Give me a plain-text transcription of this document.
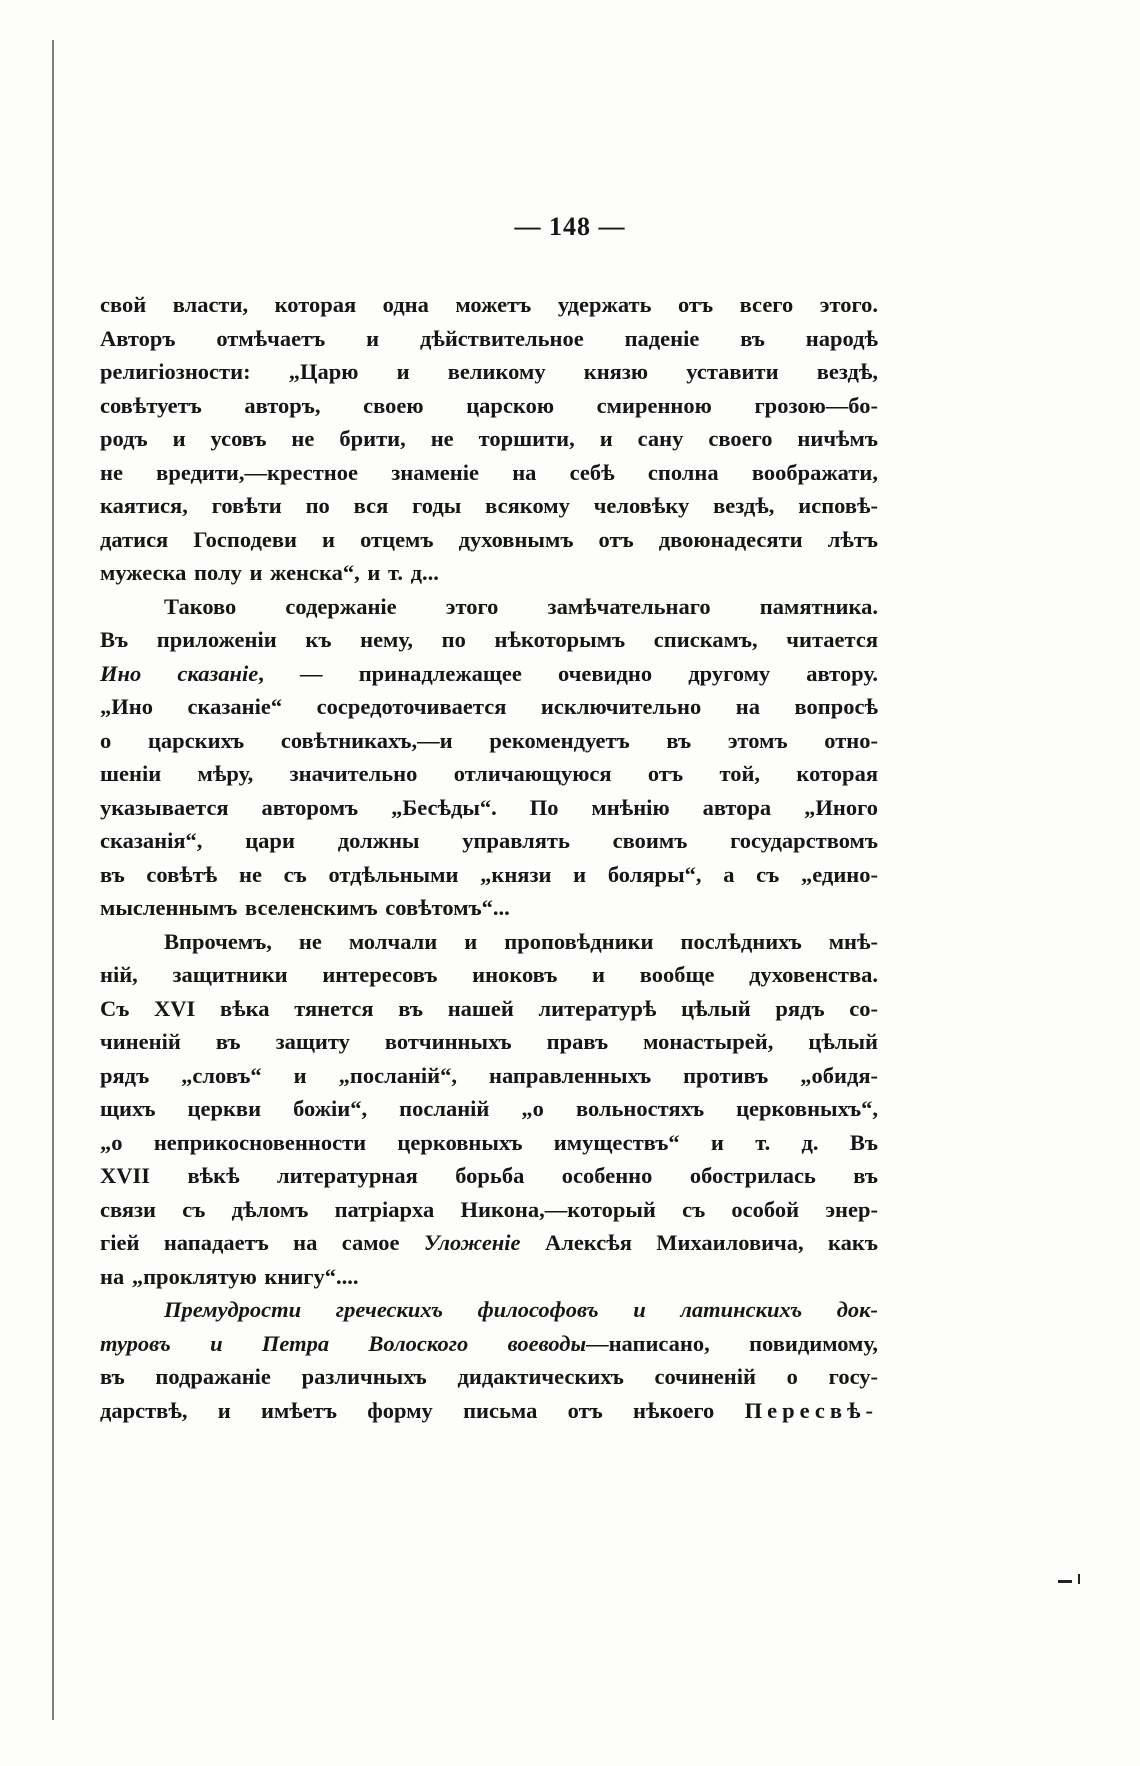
— 148 —
свой власти, которая одна можетъ удержать отъ всего этого.
Авторъ отмѣчаетъ и дѣйствительное паденіе въ народѣ
религіозности: „Царю и великому князю уставити вездѣ,
совѣтуетъ авторъ, своею царскою смиренною грозою—бо-
родъ и усовъ не брити, не торшити, и сану своего ничѣмъ
не вредити,—крестное знаменіе на себѣ сполна воображати,
каятися, говѣти по вся годы всякому человѣку вездѣ, исповѣ-
датися Господеви и отцемъ духовнымъ отъ двоюнадесяти лѣтъ
мужеска полу и женска“, и т. д...
Таково содержаніе этого замѣчательнаго памятника.
Въ приложеніи къ нему, по нѣкоторымъ спискамъ, читается
Ино сказаніе, — принадлежащее очевидно другому автору.
„Ино сказаніе“ сосредоточивается исключительно на вопросѣ
о царскихъ совѣтникахъ,—и рекомендуетъ въ этомъ отно-
шеніи мѣру, значительно отличающуюся отъ той, которая
указывается авторомъ „Бесѣды“. По мнѣнію автора „Иного
сказанія“, цари должны управлять своимъ государствомъ
въ совѣтѣ не съ отдѣльными „князи и боляры“, а съ „едино-
мысленнымъ вселенскимъ совѣтомъ“...
Впрочемъ, не молчали и проповѣдники послѣднихъ мнѣ-
ній, защитники интересовъ иноковъ и вообще духовенства.
Съ XVI вѣка тянется въ нашей литературѣ цѣлый рядъ со-
чиненій въ защиту вотчинныхъ правъ монастырей, цѣлый
рядъ „словъ“ и „посланій“, направленныхъ противъ „обидя-
щихъ церкви божіи“, посланій „о вольностяхъ церковныхъ“,
„о неприкосновенности церковныхъ имуществъ“ и т. д. Въ
XVII вѣкѣ литературная борьба особенно обострилась въ
связи съ дѣломъ патріарха Никона,—который съ особой энер-
гіей нападаетъ на самое Уложеніе Алексѣя Михаиловича, какъ
на „проклятую книгу“....
Премудрости греческихъ философовъ и латинскихъ док-
туровъ и Петра Волоского воеводы—написано, повидимому,
въ подражаніе различныхъ дидактическихъ сочиненій о госу-
дарствѣ, и имѣетъ форму письма отъ нѣкоего Пересвѣ-
